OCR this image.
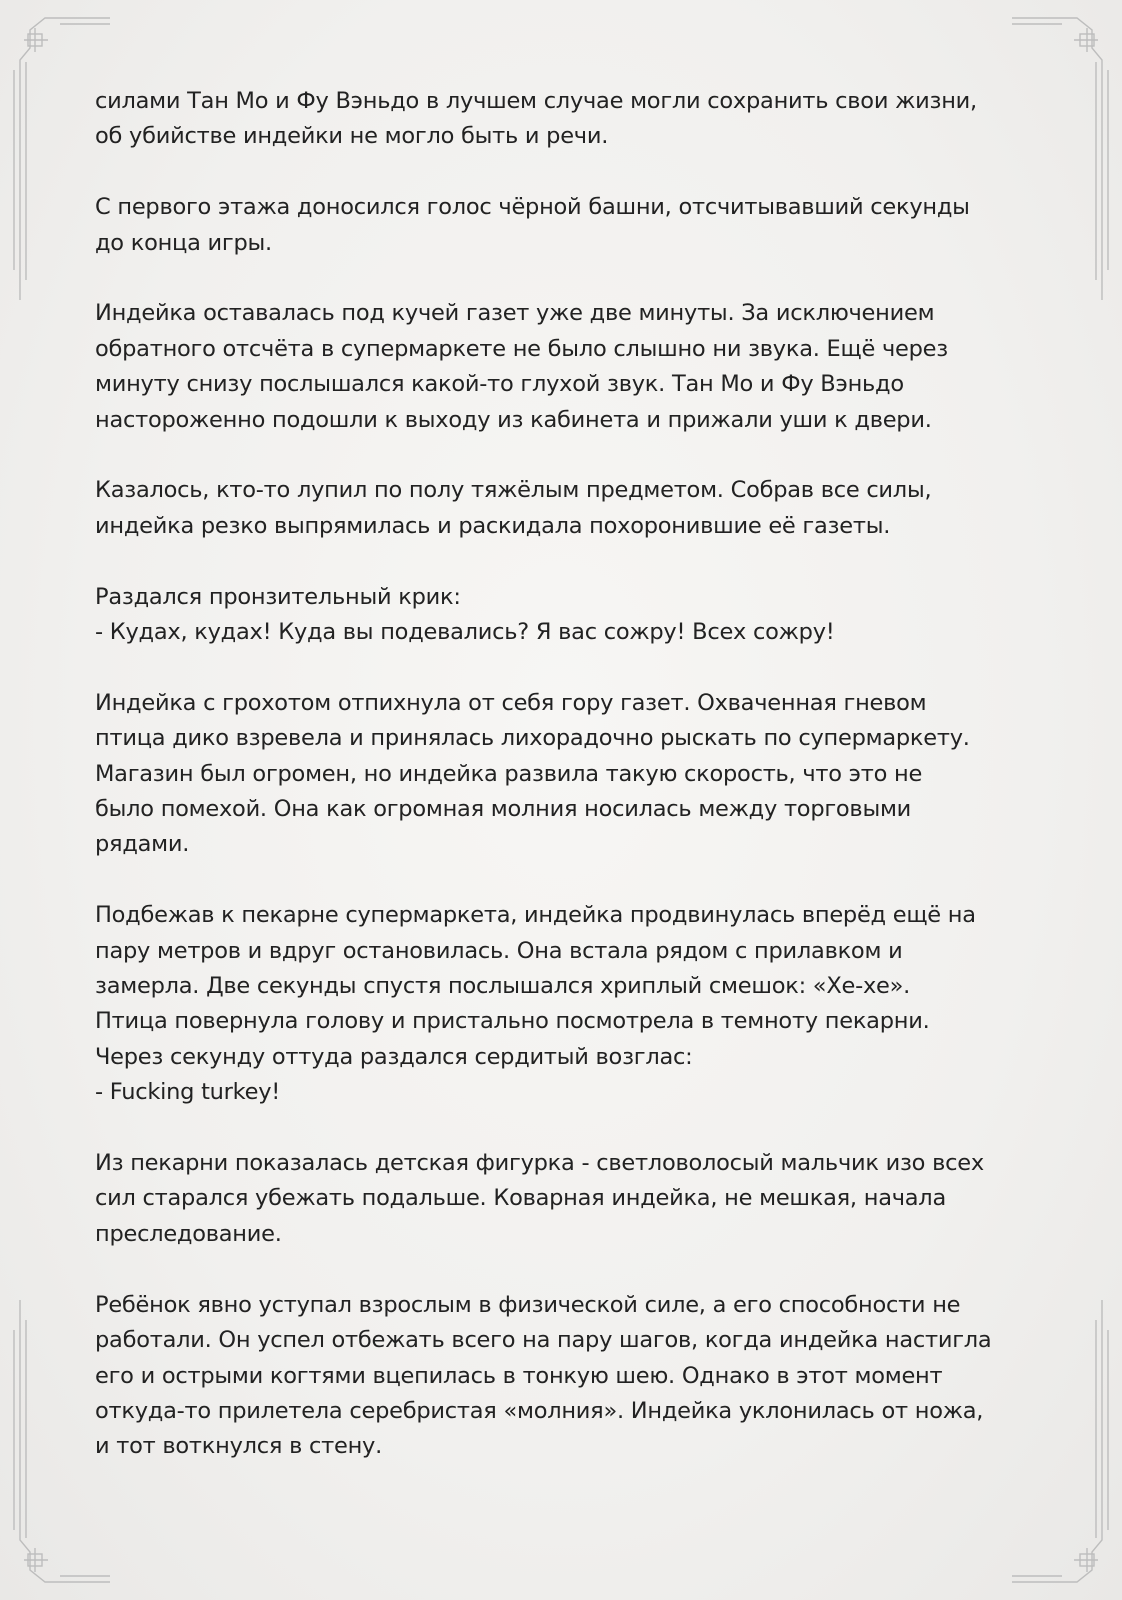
силами Тан Мо и Фу Вэньдо в лучшем случае могли сохранить свои жизни,
об убийстве индейки не могло быть и речи.
С первого этажа доносился голос чёрной башни, отсчитывавший секунды
до конца игры.
Индейка оставалась под кучей газет уже две минуты. За исключением
обратного отсчёта в супермаркете не было слышно ни звука. Ещё через
минуту снизу послышался какой-то глухой звук. Тан Мо и Фу Вэньдо
настороженно подошли к выходу из кабинета и прижали уши к двери.
Казалось, кто-то лупил по полу тяжёлым предметом. Собрав все силы,
индейка резко выпрямилась и раскидала похоронившие её газеты.
Раздался пронзительный крик:
- Кудах, кудах! Куда вы подевались? Я вас сожру! Всех сожру!
Индейка с грохотом отпихнула от себя гору газет. Охваченная гневом
птица дико взревела и принялась лихорадочно рыскать по супермаркету.
Магазин был огромен, но индейка развила такую скорость, что это не
было помехой. Она как огромная молния носилась между торговыми
рядами.
Подбежав к пекарне супермаркета, индейка продвинулась вперёд ещё на
пару метров и вдруг остановилась. Она встала рядом с прилавком и
замерла. Две секунды спустя послышался хриплый смешок: «Хе-хе».
Птица повернула голову и пристально посмотрела в темноту пекарни.
Через секунду оттуда раздался сердитый возглас:
- Fucking turkey!
Из пекарни показалась детская фигурка - светловолосый мальчик изо всех
сил старался убежать подальше. Коварная индейка, не мешкая, начала
преследование.
Ребёнок явно уступал взрослым в физической силе, а его способности не
работали. Он успел отбежать всего на пару шагов, когда индейка настигла
его и острыми когтями вцепилась в тонкую шею. Однако в этот момент
откуда-то прилетела серебристая «молния». Индейка уклонилась от ножа,
и тот воткнулся в стену.
